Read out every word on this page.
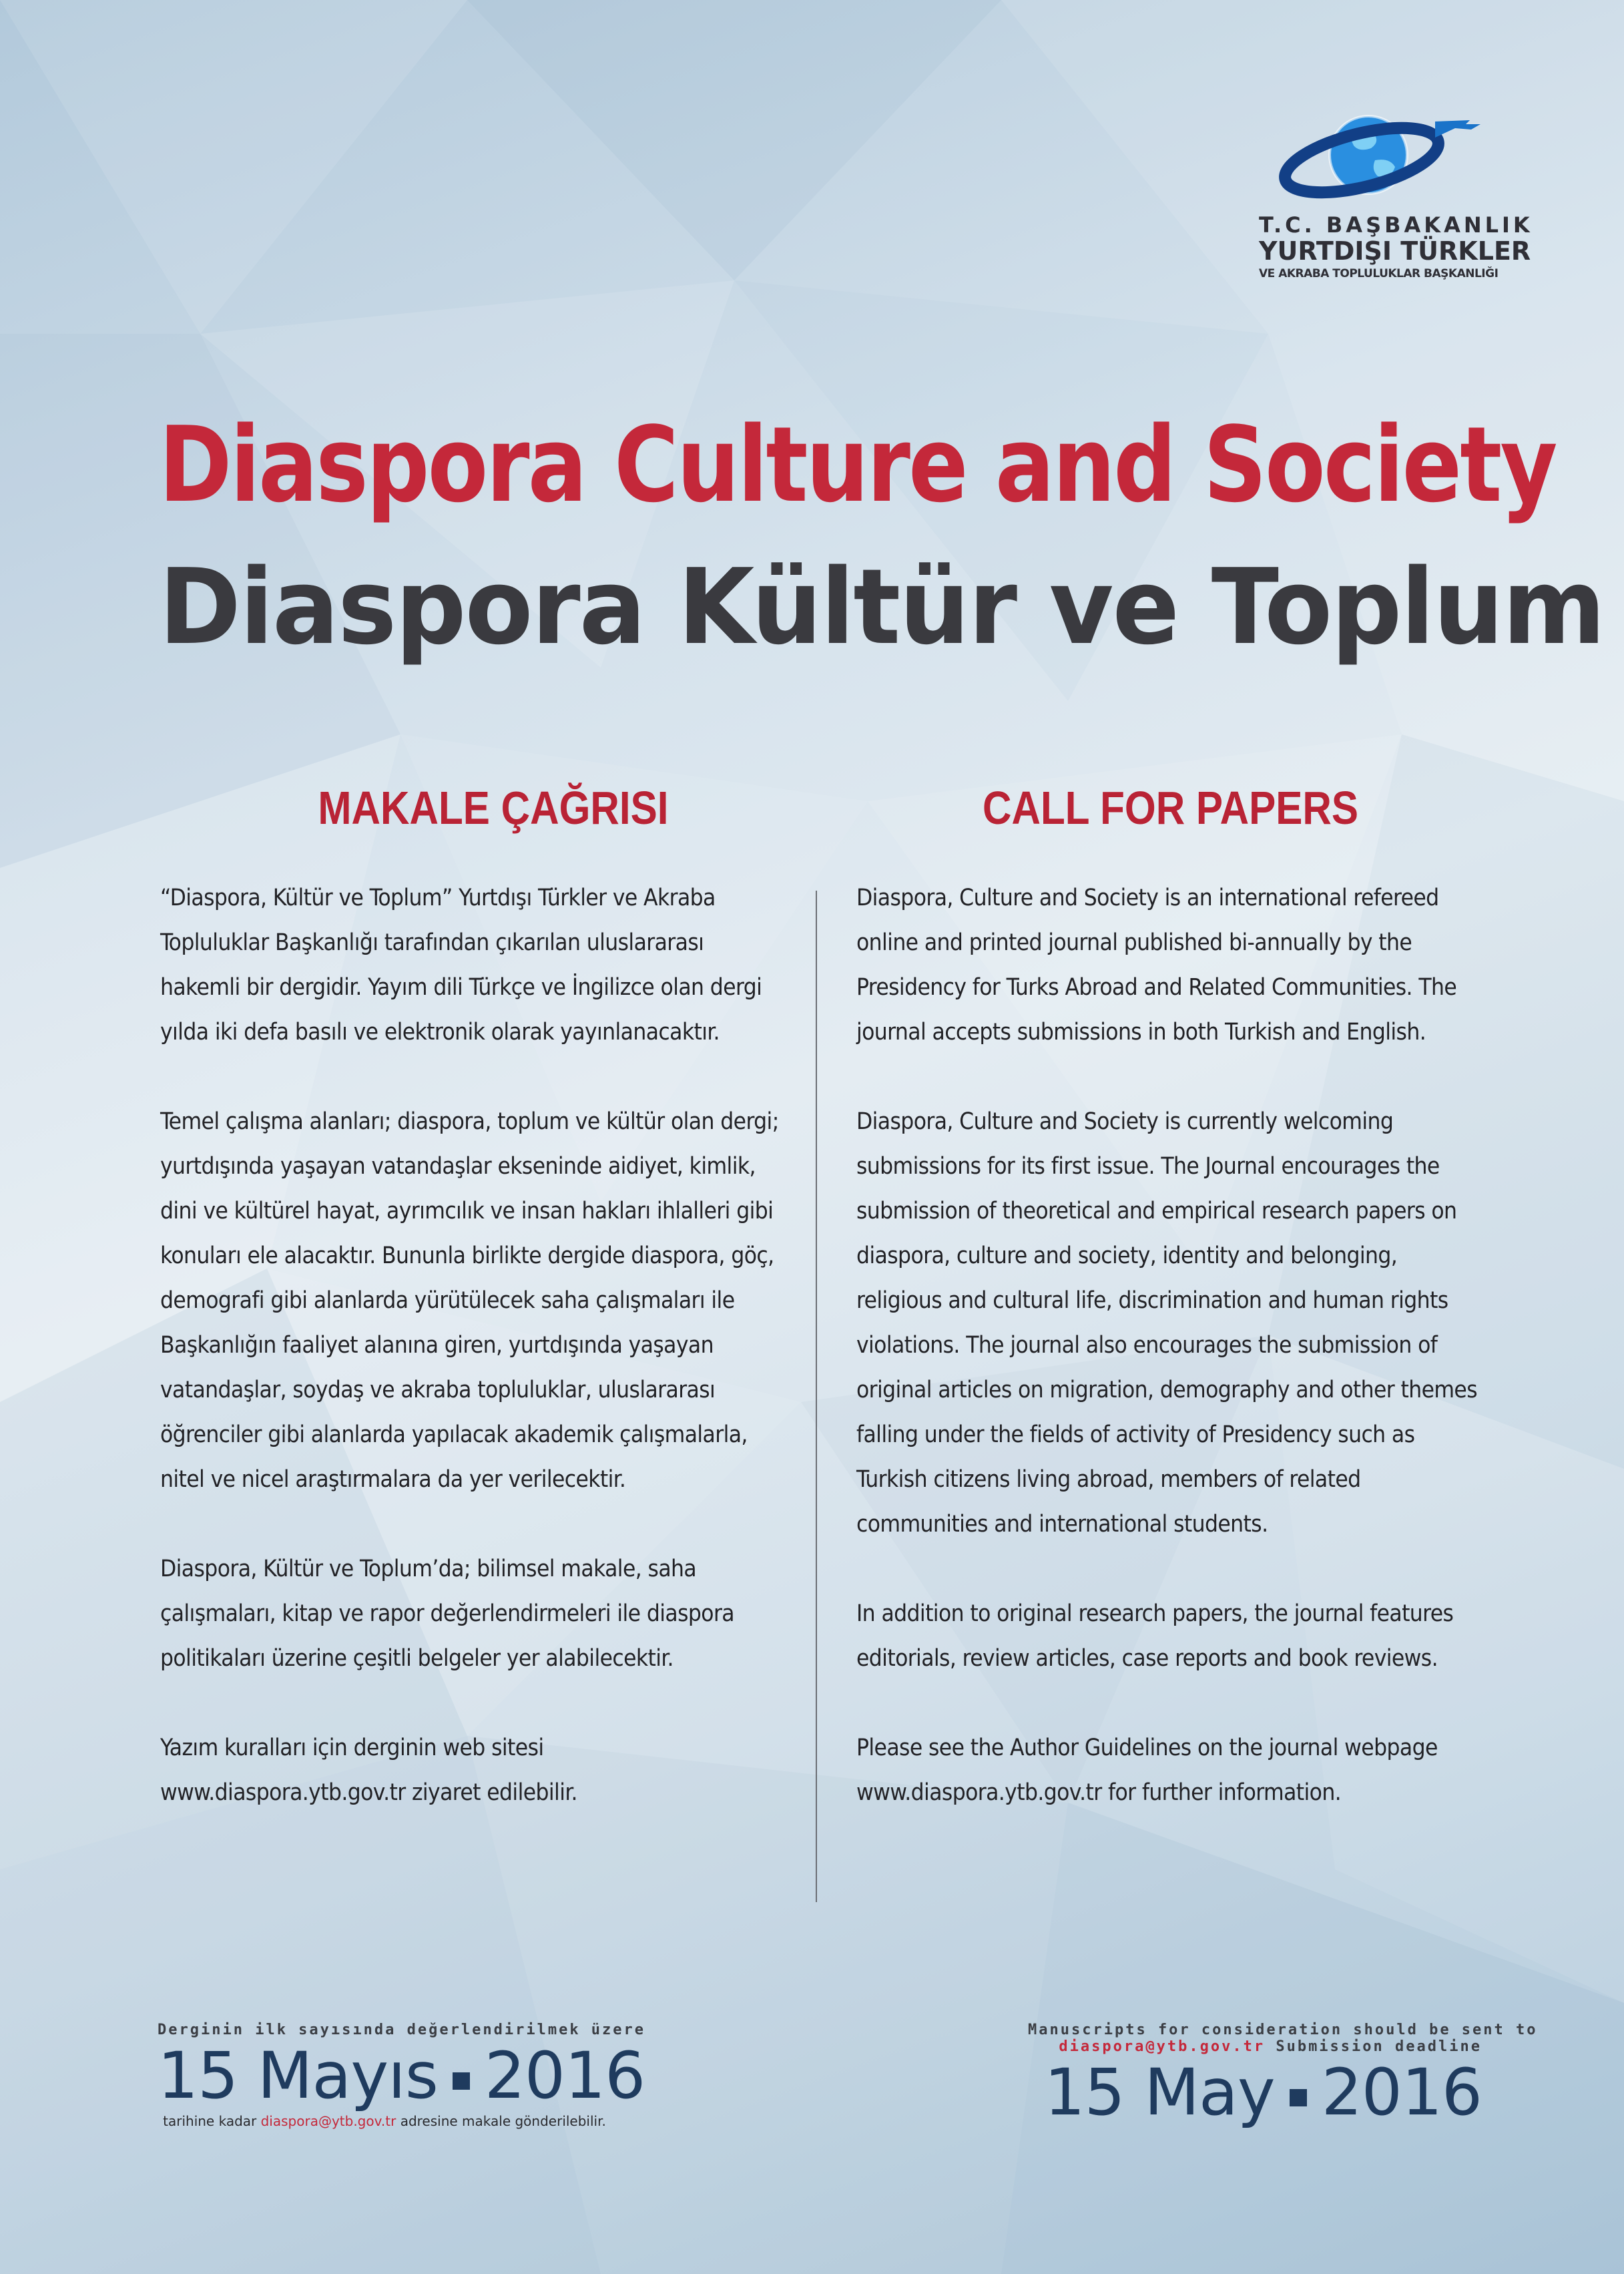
T.C. BAŞBAKANLIK
YURTDIŞI TÜRKLER
VE AKRABA TOPLULUKLAR BAŞKANLIĞI
Diaspora Culture and Society
Diaspora Kültür ve Toplum
MAKALE ÇAĞRISI	CALL FOR PAPERS

“Diaspora, Kültür ve Toplum” Yurtdışı Türkler ve Akraba Topluluklar Başkanlığı tarafından çıkarılan uluslararası hakemli bir dergidir. Yayım dili Türkçe ve İngilizce olan dergi yılda iki defa basılı ve elektronik olarak yayınlanacaktır.

Temel çalışma alanları; diaspora, toplum ve kültür olan dergi; yurtdışında yaşayan vatandaşlar ekseninde aidiyet, kimlik, dini ve kültürel hayat, ayrımcılık ve insan hakları ihlalleri gibi konuları ele alacaktır. Bununla birlikte dergide diaspora, göç, demografi gibi alanlarda yürütülecek saha çalışmaları ile Başkanlığın faaliyet alanına giren, yurtdışında yaşayan vatandaşlar, soydaş ve akraba topluluklar, uluslararası öğrenciler gibi alanlarda yapılacak akademik çalışmalarla, nitel ve nicel araştırmalara da yer verilecektir.

Diaspora, Kültür ve Toplum’da; bilimsel makale, saha çalışmaları, kitap ve rapor değerlendirmeleri ile diaspora politikaları üzerine çeşitli belgeler yer alabilecektir.

Yazım kuralları için derginin web sitesi www.diaspora.ytb.gov.tr ziyaret edilebilir.

Diaspora, Culture and Society is an international refereed online and printed journal published bi-annually by the Presidency for Turks Abroad and Related Communities. The journal accepts submissions in both Turkish and English.

Diaspora, Culture and Society is currently welcoming submissions for its first issue. The Journal encourages the submission of theoretical and empirical research papers on diaspora, culture and society, identity and belonging, religious and cultural life, discrimination and human rights violations. The journal also encourages the submission of original articles on migration, demography and other themes falling under the fields of activity of Presidency such as Turkish citizens living abroad, members of related communities and international students.

In addition to original research papers, the journal features editorials, review articles, case reports and book reviews.

Please see the Author Guidelines on the journal webpage www.diaspora.ytb.gov.tr for further information.

Derginin ilk sayısında değerlendirilmek üzere
15 Mayıs 2016
tarihine kadar diaspora@ytb.gov.tr adresine makale gönderilebilir.
Manuscripts for consideration should be sent to
diaspora@ytb.gov.tr Submission deadline
15 May 2016
